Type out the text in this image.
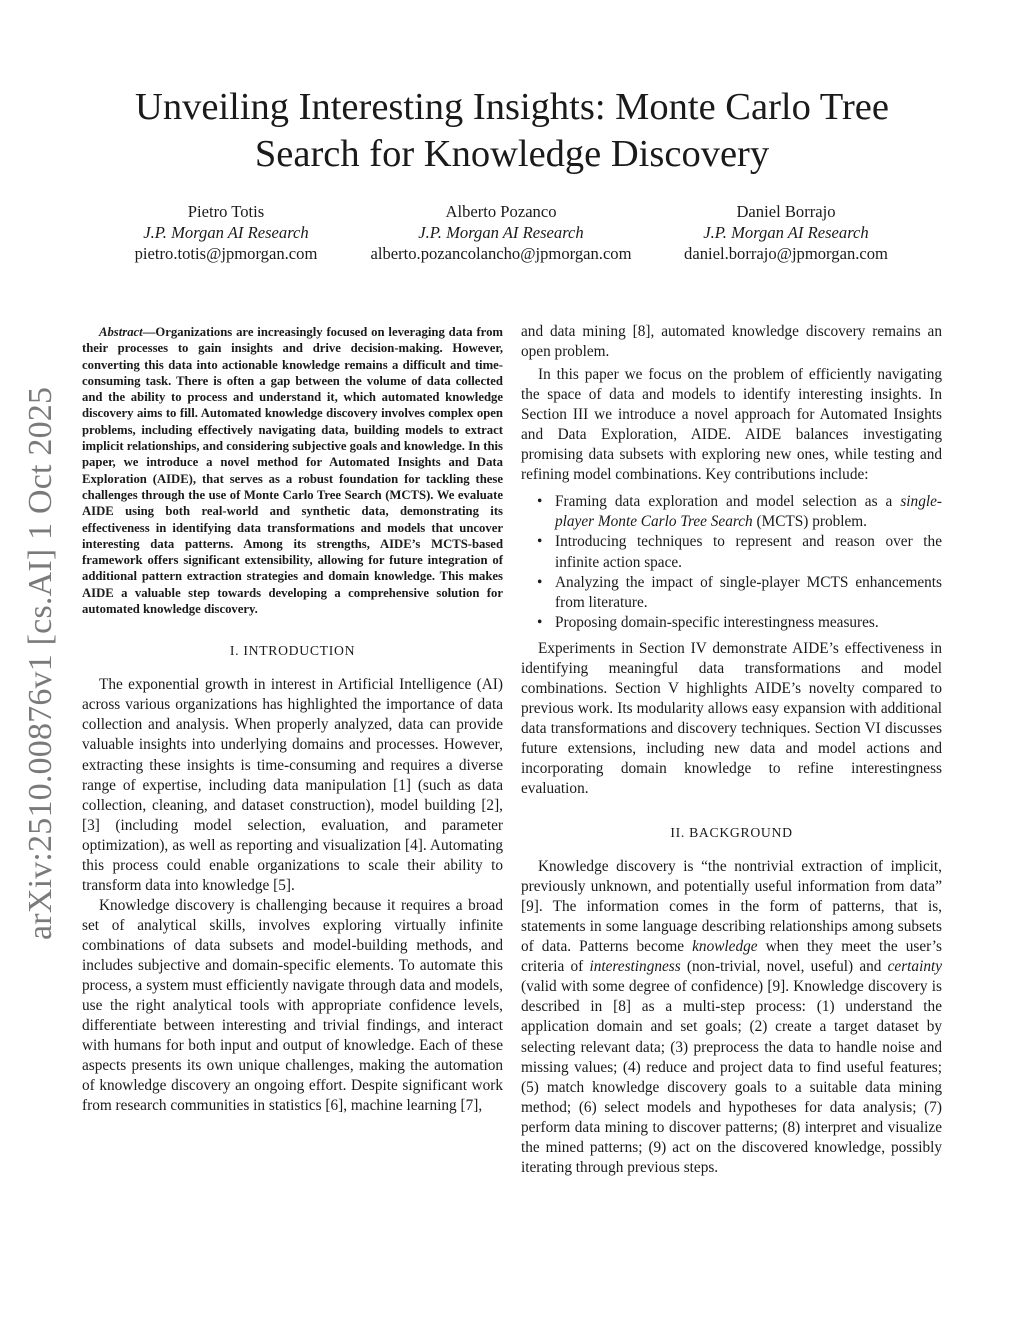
arXiv:2510.00876v1 [cs.AI] 1 Oct 2025
Unveiling Interesting Insights: Monte Carlo Tree
Search for Knowledge Discovery
Pietro Totis
J.P. Morgan AI Research
pietro.totis@jpmorgan.com
Alberto Pozanco
J.P. Morgan AI Research
alberto.pozancolancho@jpmorgan.com
Daniel Borrajo
J.P. Morgan AI Research
daniel.borrajo@jpmorgan.com

Abstract—Organizations are increasingly focused on leveraging data from their processes to gain insights and drive decision-making. However, converting this data into actionable knowledge remains a difficult and time-consuming task. There is often a gap between the volume of data collected and the ability to process and understand it, which automated knowledge discovery aims to fill. Automated knowledge discovery involves complex open problems, including effectively navigating data, building models to extract implicit relationships, and considering subjective goals and knowledge. In this paper, we introduce a novel method for Automated Insights and Data Exploration (AIDE), that serves as a robust foundation for tackling these challenges through the use of Monte Carlo Tree Search (MCTS). We evaluate AIDE using both real-world and synthetic data, demonstrating its effectiveness in identifying data transformations and models that uncover interesting data patterns. Among its strengths, AIDE’s MCTS-based framework offers significant extensibility, allowing for future integration of additional pattern extraction strategies and domain knowledge. This makes AIDE a valuable step towards developing a comprehensive solution for automated knowledge discovery.

I. INTRODUCTION

The exponential growth in interest in Artificial Intelligence (AI) across various organizations has highlighted the importance of data collection and analysis. When properly analyzed, data can provide valuable insights into underlying domains and processes. However, extracting these insights is time-consuming and requires a diverse range of expertise, including data manipulation [1] (such as data collection, cleaning, and dataset construction), model building [2], [3] (including model selection, evaluation, and parameter optimization), as well as reporting and visualization [4]. Automating this process could enable organizations to scale their ability to transform data into knowledge [5].

Knowledge discovery is challenging because it requires a broad set of analytical skills, involves exploring virtually infinite combinations of data subsets and model-building methods, and includes subjective and domain-specific elements. To automate this process, a system must efficiently navigate through data and models, use the right analytical tools with appropriate confidence levels, differentiate between interesting and trivial findings, and interact with humans for both input and output of knowledge. Each of these aspects presents its own unique challenges, making the automation of knowledge discovery an ongoing effort. Despite significant work from research communities in statistics [6], machine learning [7],

and data mining [8], automated knowledge discovery remains an open problem.

In this paper we focus on the problem of efficiently navigating the space of data and models to identify interesting insights. In Section III we introduce a novel approach for Automated Insights and Data Exploration, AIDE. AIDE balances investigating promising data subsets with exploring new ones, while testing and refining model combinations. Key contributions include:

• Framing data exploration and model selection as a single-player Monte Carlo Tree Search (MCTS) problem.
• Introducing techniques to represent and reason over the infinite action space.
• Analyzing the impact of single-player MCTS enhancements from literature.
• Proposing domain-specific interestingness measures.

Experiments in Section IV demonstrate AIDE’s effectiveness in identifying meaningful data transformations and model combinations. Section V highlights AIDE’s novelty compared to previous work. Its modularity allows easy expansion with additional data transformations and discovery techniques. Section VI discusses future extensions, including new data and model actions and incorporating domain knowledge to refine interestingness evaluation.

II. BACKGROUND

Knowledge discovery is “the nontrivial extraction of implicit, previously unknown, and potentially useful information from data” [9]. The information comes in the form of patterns, that is, statements in some language describing relationships among subsets of data. Patterns become knowledge when they meet the user’s criteria of interestingness (non-trivial, novel, useful) and certainty (valid with some degree of confidence) [9]. Knowledge discovery is described in [8] as a multi-step process: (1) understand the application domain and set goals; (2) create a target dataset by selecting relevant data; (3) preprocess the data to handle noise and missing values; (4) reduce and project data to find useful features; (5) match knowledge discovery goals to a suitable data mining method; (6) select models and hypotheses for data analysis; (7) perform data mining to discover patterns; (8) interpret and visualize the mined patterns; (9) act on the discovered knowledge, possibly iterating through previous steps.
